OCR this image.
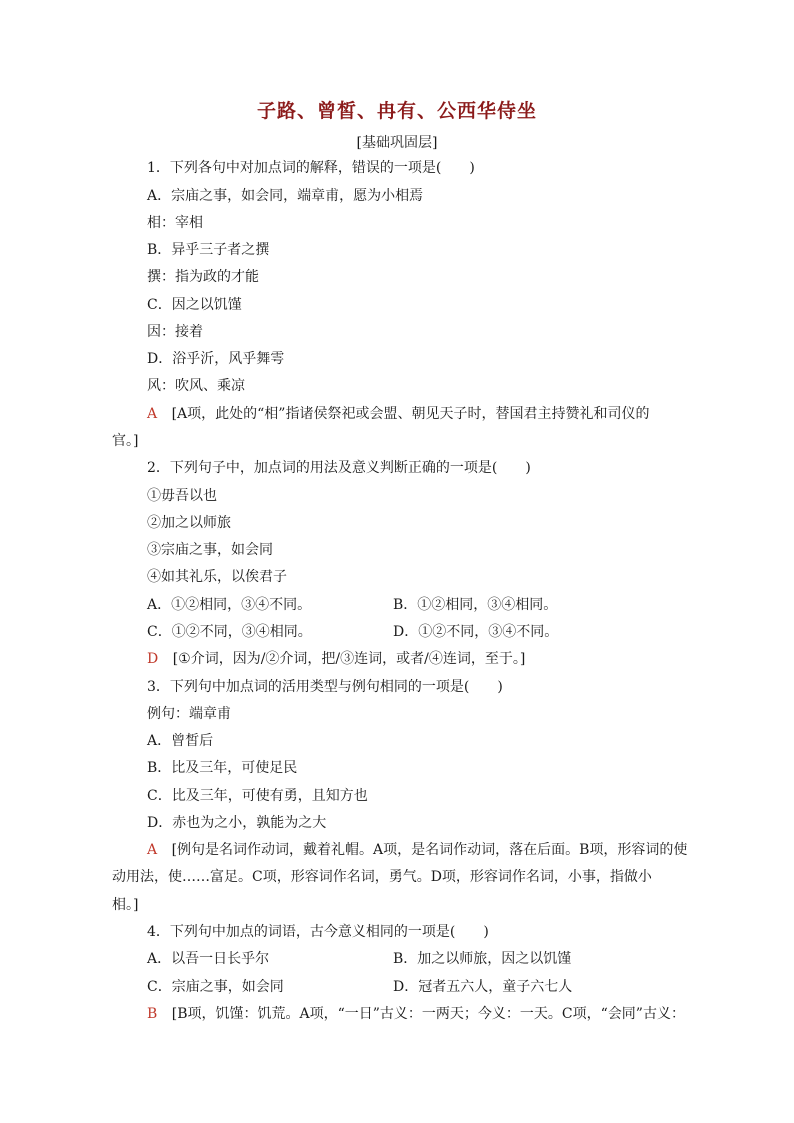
子路、曾皙、冉有、公西华侍坐
[基础巩固层]
1．下列各句中对加点词的解释，错误的一项是(　　)
A．宗庙之事，如会同，端章甫，愿为小相焉
相：宰相
B．异乎三子者之撰
撰：指为政的才能
C．因之以饥馑
因：接着
D．浴乎沂，风乎舞雩
风：吹风、乘凉
A [A项，此处的“相”指诸侯祭祀或会盟、朝见天子时，替国君主持赞礼和司仪的
官。]
2．下列句子中，加点词的用法及意义判断正确的一项是(　　)
①毋吾以也
②加之以师旅
③宗庙之事，如会同
④如其礼乐，以俟君子
A．①②相同，③④不同。	B．①②相同，③④相同。
C．①②不同，③④相同。	D．①②不同，③④不同。
D [①介词，因为/②介词，把/③连词，或者/④连词，至于。]
3．下列句中加点词的活用类型与例句相同的一项是(　　)
例句：端章甫
A．曾皙后
B．比及三年，可使足民
C．比及三年，可使有勇，且知方也
D．赤也为之小，孰能为之大
A [例句是名词作动词，戴着礼帽。A项，是名词作动词，落在后面。B项，形容词的使
动用法，使……富足。C项，形容词作名词，勇气。D项，形容词作名词，小事，指做小
相。]
4．下列句中加点的词语，古今意义相同的一项是(　　)
A．以吾一日长乎尔	B．加之以师旅，因之以饥馑
C．宗庙之事，如会同	D．冠者五六人，童子六七人
B [B项，饥馑：饥荒。A项，“一日”古义：一两天；今义：一天。C项，“会同”古义：
